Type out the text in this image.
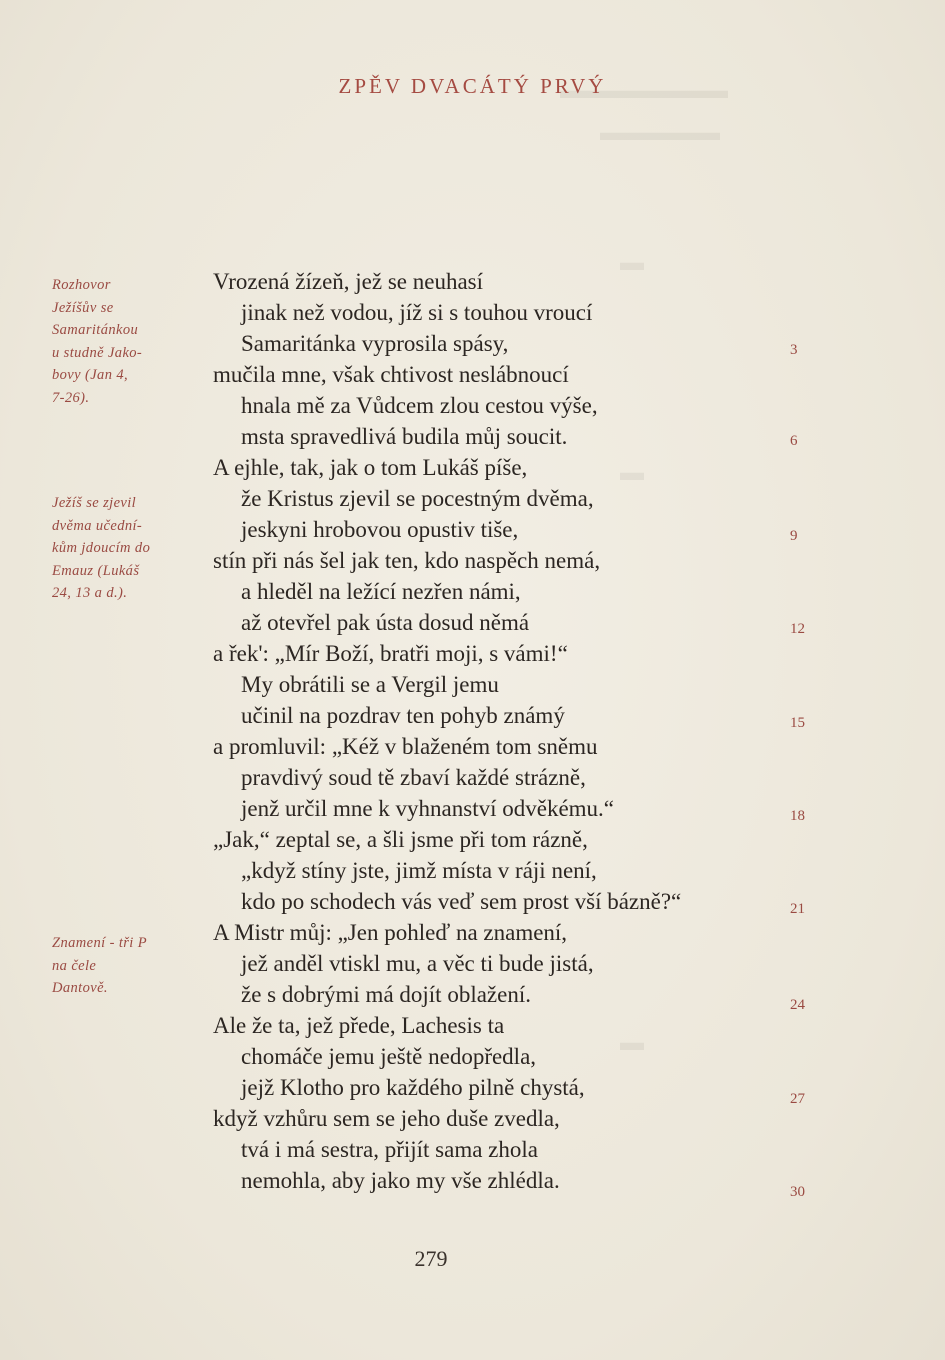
▬▬▬▬▬▬▬
▬▬▬▬▬
▬
▬
▬
ZPĚV DVACÁTÝ PRVÝ
Rozhovor
Ježíšův se
Samaritánkou
u studně Jako-
bovy (Jan 4,
7-26).
Ježíš se zjevil
dvěma učední-
kům jdoucím do
Emauz (Lukáš
24, 13 a d.).
Znamení - tři P
na čele
Dantově.
Vrozená žízeň, jež se neuhasí
jinak než vodou, jíž si s touhou vroucí
Samaritánka vyprosila spásy,
mučila mne, však chtivost neslábnoucí
hnala mě za Vůdcem zlou cestou výše,
msta spravedlivá budila můj soucit.
A ejhle, tak, jak o tom Lukáš píše,
že Kristus zjevil se pocestným dvěma,
jeskyni hrobovou opustiv tiše,
stín při nás šel jak ten, kdo naspěch nemá,
a hleděl na ležící nezřen námi,
až otevřel pak ústa dosud němá
a řek': „Mír Boží, bratři moji, s vámi!“
My obrátili se a Vergil jemu
učinil na pozdrav ten pohyb známý
a promluvil: „Kéž v blaženém tom sněmu
pravdivý soud tě zbaví každé strázně,
jenž určil mne k vyhnanství odvěkému.“
„Jak,“ zeptal se, a šli jsme při tom rázně,
„když stíny jste, jimž místa v ráji není,
kdo po schodech vás veď sem prost vší bázně?“
A Mistr můj: „Jen pohleď na znamení,
jež anděl vtiskl mu, a věc ti bude jistá,
že s dobrými má dojít oblažení.
Ale že ta, jež přede, Lachesis ta
chomáče jemu ještě nedopředla,
jejž Klotho pro každého pilně chystá,
když vzhůru sem se jeho duše zvedla,
tvá i má sestra, přijít sama zhola
nemohla, aby jako my vše zhlédla.
3
6
9
12
15
18
21
24
27
30
279
